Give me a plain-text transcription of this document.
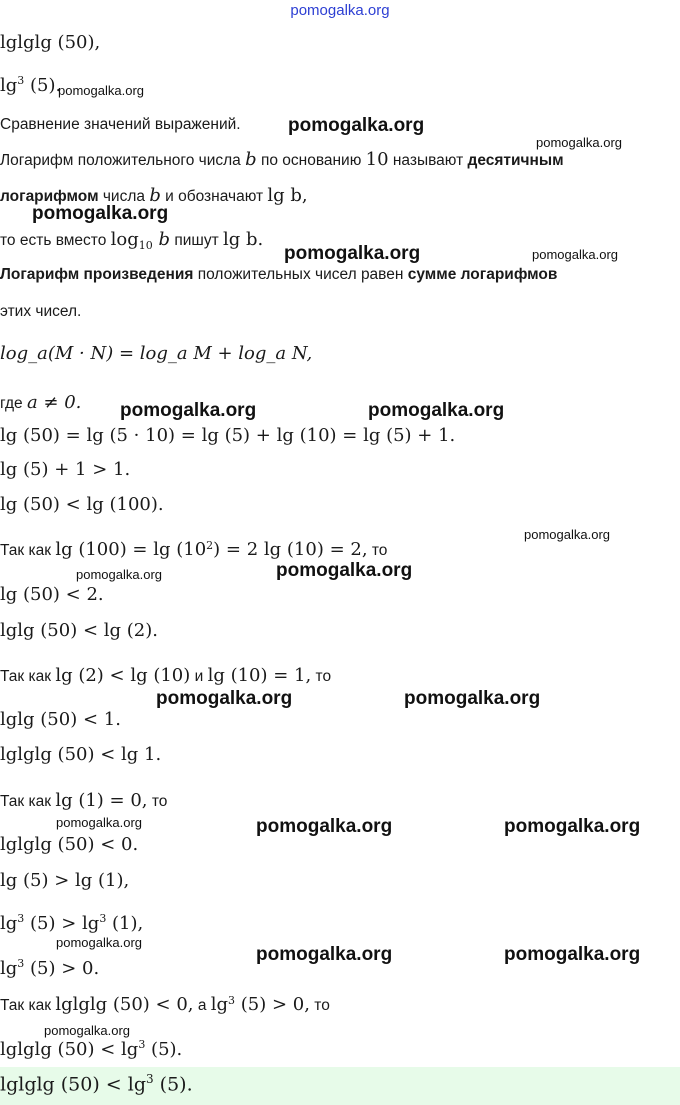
pomogalka.org
lglglg (50),
$\lg^3 (5)$.
Сравнение значений выражений.
Логарифм положительного числа b по основанию 10 называют десятичным
логарифмом числа b и обозначают lg b,
то есть вместо $\log_{10} b$ пишут lg b.
Логарифм произведения положительных чисел равен сумме логарифмов
этих чисел.
log_a(M · N) = log_a M + log_a N,
где a ≠ 0.
lg (50) = lg (5 · 10) = lg (5) + lg (10) = lg (5) + 1.
lg (5) + 1 > 1.
lg (50) < lg (100).
Так как $\lg (100) = \lg (10^2) = 2$ lg (10) = 2, то
lg (50) < 2.
lglg (50) < lg (2).
Так как lg (2) < lg (10) и lg (10) = 1, то
lglg (50) < 1.
lglglg (50) < lg 1.
Так как lg (1) = 0, то
lglglg (50) < 0.
lg (5) > lg (1),
$\lg^3 (5) > \lg^3 (1)$,
$\lg^3 (5) > 0$.
Так как lglglg (50) < 0, а $\lg^3 (5) > 0$, то
lglglg $(50) < \lg^3 (5)$.
lglglg $(50) < \lg^3 (5)$.
pomogalka.org
pomogalka.org
pomogalka.org
pomogalka.org
pomogalka.org	pomogalka.org
pomogalka.org	pomogalka.org
pomogalka.org
pomogalka.org	pomogalka.org
pomogalka.org	pomogalka.org
pomogalka.org	pomogalka.org	pomogalka.org
pomogalka.org
pomogalka.org	pomogalka.org
pomogalka.org
